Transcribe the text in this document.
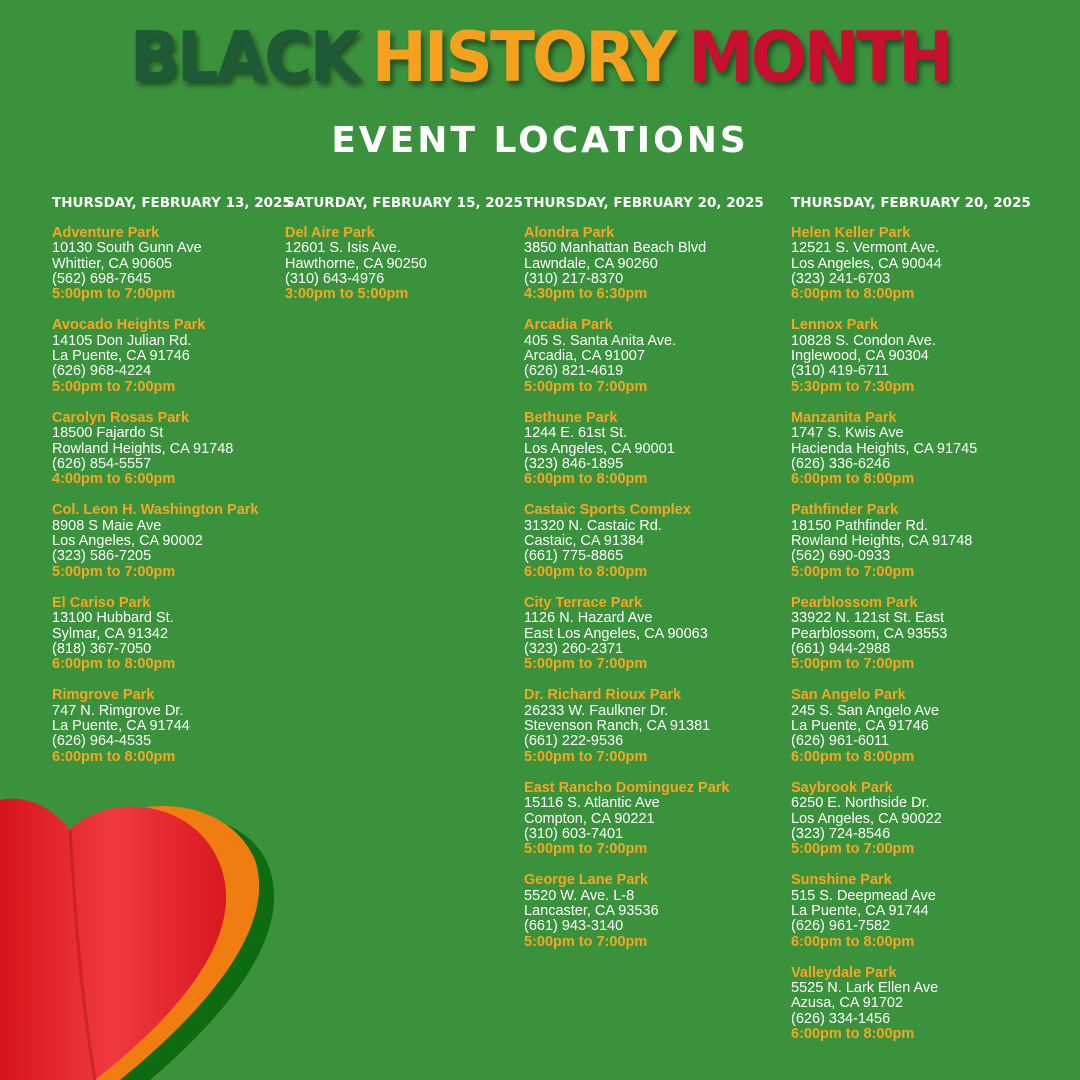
BLACK HISTORY MONTH
EVENT LOCATIONS
THURSDAY, FEBRUARY 13, 2025
Adventure Park
10130 South Gunn Ave
Whittier, CA 90605
(562) 698-7645
5:00pm to 7:00pm
Avocado Heights Park
14105 Don Julian Rd.
La Puente, CA 91746
(626) 968-4224
5:00pm to 7:00pm
Carolyn Rosas Park
18500 Fajardo St
Rowland Heights, CA 91748
(626) 854-5557
4:00pm to 6:00pm
Col. Leon H. Washington Park
8908 S Maie Ave
Los Angeles, CA 90002
(323) 586-7205
5:00pm to 7:00pm
El Cariso Park
13100 Hubbard St.
Sylmar, CA 91342
(818) 367-7050
6:00pm to 8:00pm
Rimgrove Park
747 N. Rimgrove Dr.
La Puente, CA 91744
(626) 964-4535
6:00pm to 8:00pm
SATURDAY, FEBRUARY 15, 2025
Del Aire Park
12601 S. Isis Ave.
Hawthorne, CA 90250
(310) 643-4976
3:00pm to 5:00pm
THURSDAY, FEBRUARY 20, 2025
Alondra Park
3850 Manhattan Beach Blvd
Lawndale, CA 90260
(310) 217-8370
4:30pm to 6:30pm
Arcadia Park
405 S. Santa Anita Ave.
Arcadia, CA 91007
(626) 821-4619
5:00pm to 7:00pm
Bethune Park
1244 E. 61st St.
Los Angeles, CA 90001
(323) 846-1895
6:00pm to 8:00pm
Castaic Sports Complex
31320 N. Castaic Rd.
Castaic, CA 91384
(661) 775-8865
6:00pm to 8:00pm
City Terrace Park
1126 N. Hazard Ave
East Los Angeles, CA 90063
(323) 260-2371
5:00pm to 7:00pm
Dr. Richard Rioux Park
26233 W. Faulkner Dr.
Stevenson Ranch, CA 91381
(661) 222-9536
5:00pm to 7:00pm
East Rancho Dominguez Park
15116 S. Atlantic Ave
Compton, CA 90221
(310) 603-7401
5:00pm to 7:00pm
George Lane Park
5520 W. Ave. L-8
Lancaster, CA 93536
(661) 943-3140
5:00pm to 7:00pm
THURSDAY, FEBRUARY 20, 2025
Helen Keller Park
12521 S. Vermont Ave.
Los Angeles, CA 90044
(323) 241-6703
6:00pm to 8:00pm
Lennox Park
10828 S. Condon Ave.
Inglewood, CA 90304
(310) 419-6711
5:30pm to 7:30pm
Manzanita Park
1747 S. Kwis Ave
Hacienda Heights, CA 91745
(626) 336-6246
6:00pm to 8:00pm
Pathfinder Park
18150 Pathfinder Rd.
Rowland Heights, CA 91748
(562) 690-0933
5:00pm to 7:00pm
Pearblossom Park
33922 N. 121st St. East
Pearblossom, CA 93553
(661) 944-2988
5:00pm to 7:00pm
San Angelo Park
245 S. San Angelo Ave
La Puente, CA 91746
(626) 961-6011
6:00pm to 8:00pm
Saybrook Park
6250 E. Northside Dr.
Los Angeles, CA 90022
(323) 724-8546
5:00pm to 7:00pm
Sunshine Park
515 S. Deepmead Ave
La Puente, CA 91744
(626) 961-7582
6:00pm to 8:00pm
Valleydale Park
5525 N. Lark Ellen Ave
Azusa, CA 91702
(626) 334-1456
6:00pm to 8:00pm
